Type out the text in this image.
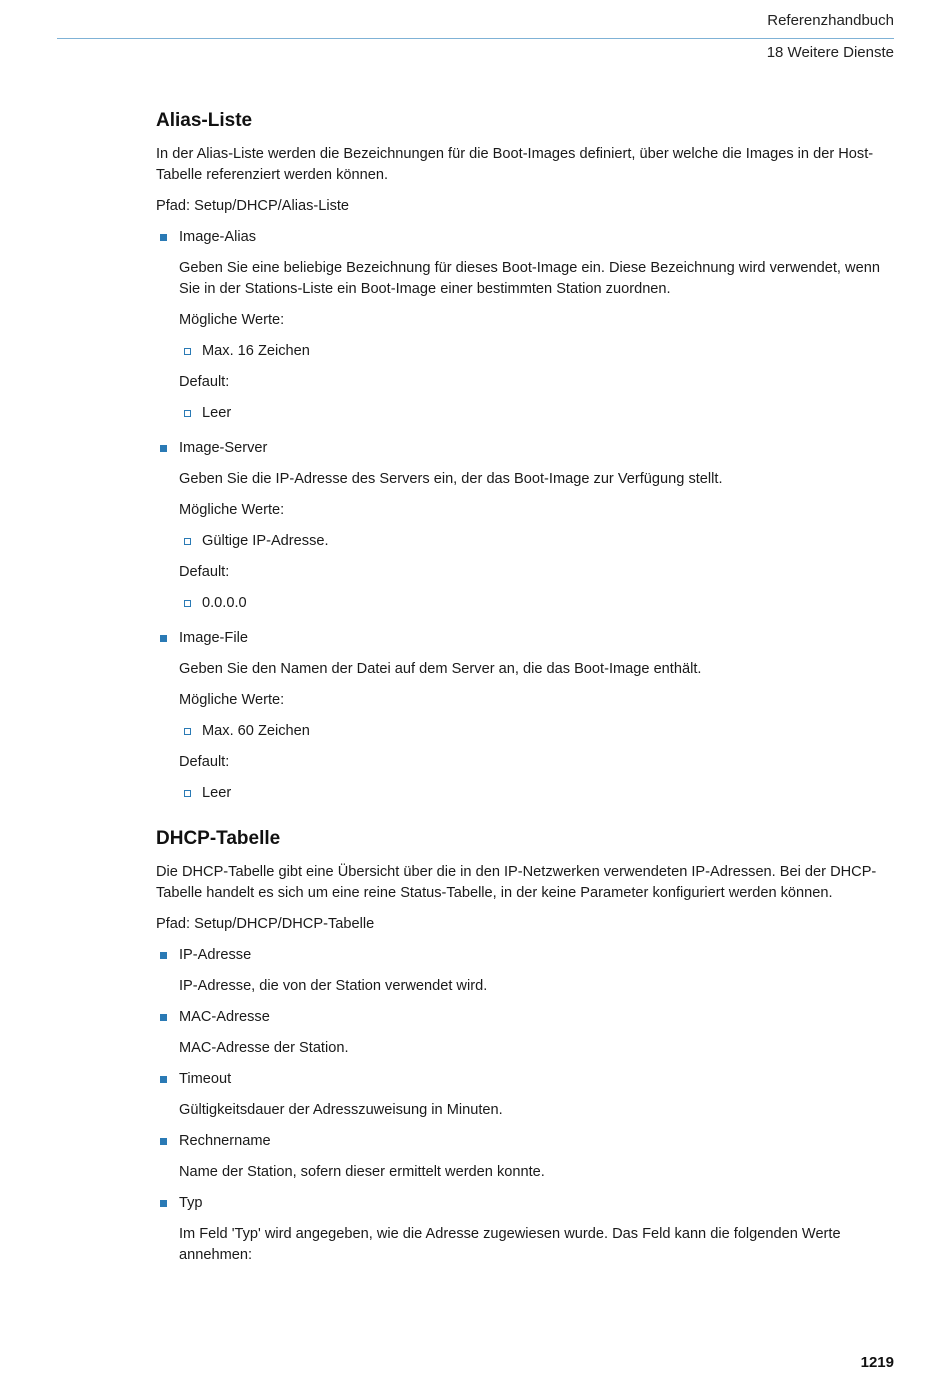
Referenzhandbuch
18 Weitere Dienste
Alias-Liste

In der Alias-Liste werden die Bezeichnungen für die Boot-Images definiert, über welche die Images in der Host-Tabelle referenziert werden können.

Pfad: Setup/DHCP/Alias-Liste

Image-Alias
Geben Sie eine beliebige Bezeichnung für dieses Boot-Image ein. Diese Bezeichnung wird verwendet, wenn Sie in der Stations-Liste ein Boot-Image einer bestimmten Station zuordnen.
Mögliche Werte:
Max. 16 Zeichen
Default:
Leer
Image-Server
Geben Sie die IP-Adresse des Servers ein, der das Boot-Image zur Verfügung stellt.
Mögliche Werte:
Gültige IP-Adresse.
Default:
0.0.0.0
Image-File
Geben Sie den Namen der Datei auf dem Server an, die das Boot-Image enthält.
Mögliche Werte:
Max. 60 Zeichen
Default:
Leer
DHCP-Tabelle

Die DHCP-Tabelle gibt eine Übersicht über die in den IP-Netzwerken verwendeten IP-Adressen. Bei der DHCP-Tabelle handelt es sich um eine reine Status-Tabelle, in der keine Parameter konfiguriert werden können.

Pfad: Setup/DHCP/DHCP-Tabelle

IP-Adresse
IP-Adresse, die von der Station verwendet wird.
MAC-Adresse
MAC-Adresse der Station.
Timeout
Gültigkeitsdauer der Adresszuweisung in Minuten.
Rechnername
Name der Station, sofern dieser ermittelt werden konnte.
Typ
Im Feld 'Typ' wird angegeben, wie die Adresse zugewiesen wurde. Das Feld kann die folgenden Werte annehmen:
1219
